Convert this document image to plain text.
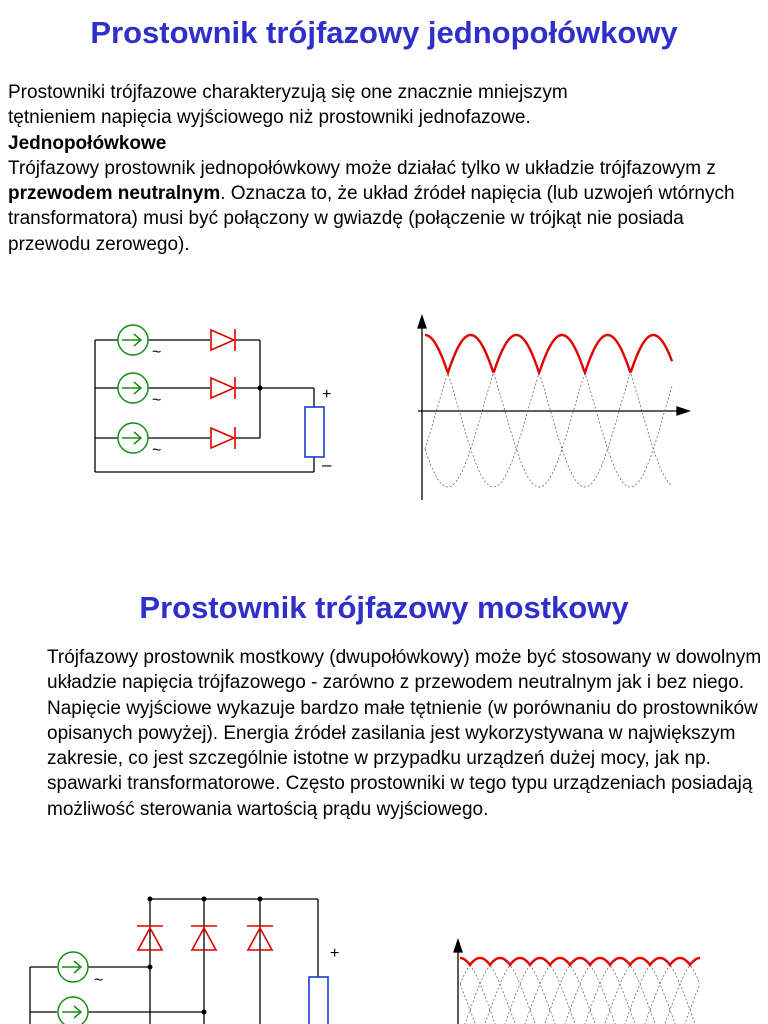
Prostownik trójfazowy jednopołówkowy
Prostowniki trójfazowe charakteryzują się one znacznie mniejszym
tętnieniem napięcia wyjściowego niż prostowniki jednofazowe.
Jednopołówkowe
Trójfazowy prostownik jednopołówkowy może działać tylko w układzie trójfazowym z przewodem neutralnym. Oznacza to, że układ źródeł napięcia (lub uzwojeń wtórnych transformatora) musi być połączony w gwiazdę (połączenie w trójkąt nie posiada przewodu zerowego).
~
~
~
+
–
Prostownik trójfazowy mostkowy

Trójfazowy prostownik mostkowy (dwupołówkowy) może być stosowany w dowolnym układzie napięcia trójfazowego - zarówno z przewodem neutralnym jak i bez niego. Napięcie wyjściowe wykazuje bardzo małe tętnienie (w porównaniu do prostowników opisanych powyżej). Energia źródeł zasilania jest wykorzystywana w największym zakresie, co jest szczególnie istotne w przypadku urządzeń dużej mocy, jak np. spawarki transformatorowe. Często prostowniki w tego typu urządzeniach posiadają możliwość sterowania wartością prądu wyjściowego.

~
+
